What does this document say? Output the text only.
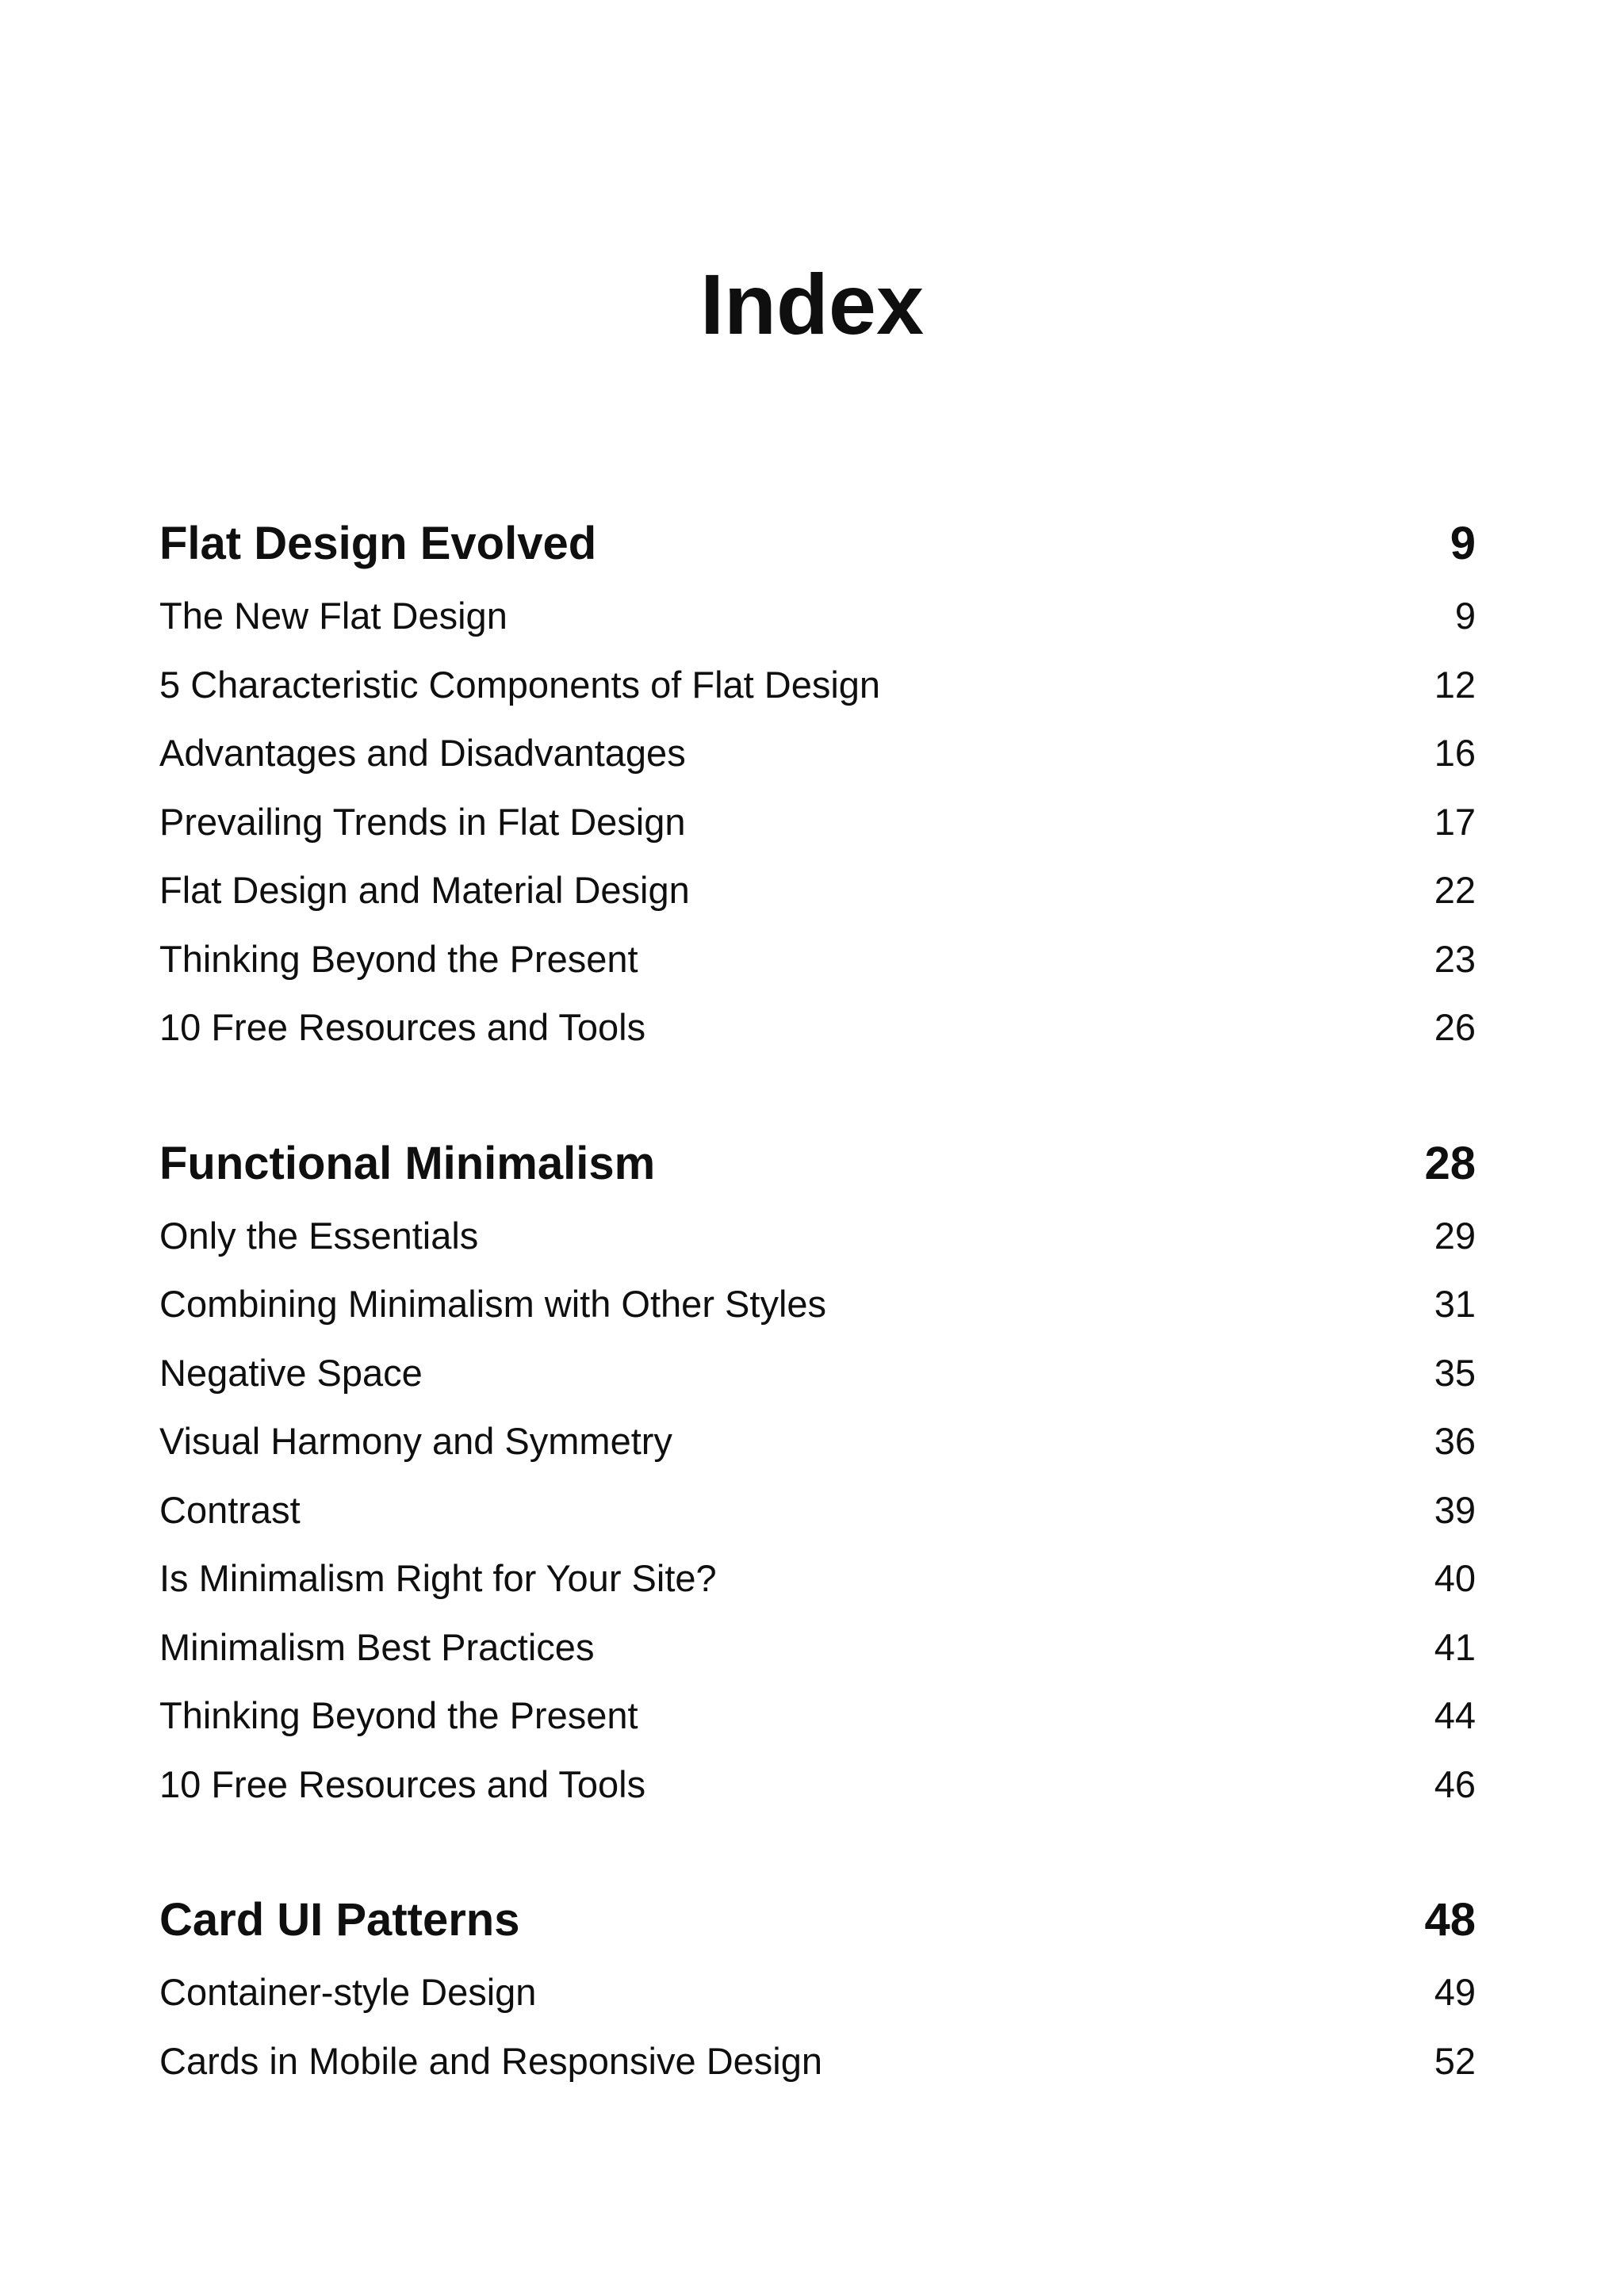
Index
Flat Design Evolved	9
The New Flat Design	9
5 Characteristic Components of Flat Design	12
Advantages and Disadvantages	16
Prevailing Trends in Flat Design	17
Flat Design and Material Design	22
Thinking Beyond the Present	23
10 Free Resources and Tools	26
Functional Minimalism	28
Only the Essentials	29
Combining Minimalism with Other Styles	31
Negative Space	35
Visual Harmony and Symmetry	36
Contrast	39
Is Minimalism Right for Your Site?	40
Minimalism Best Practices	41
Thinking Beyond the Present	44
10 Free Resources and Tools	46
Card UI Patterns	48
Container-style Design	49
Cards in Mobile and Responsive Design	52
